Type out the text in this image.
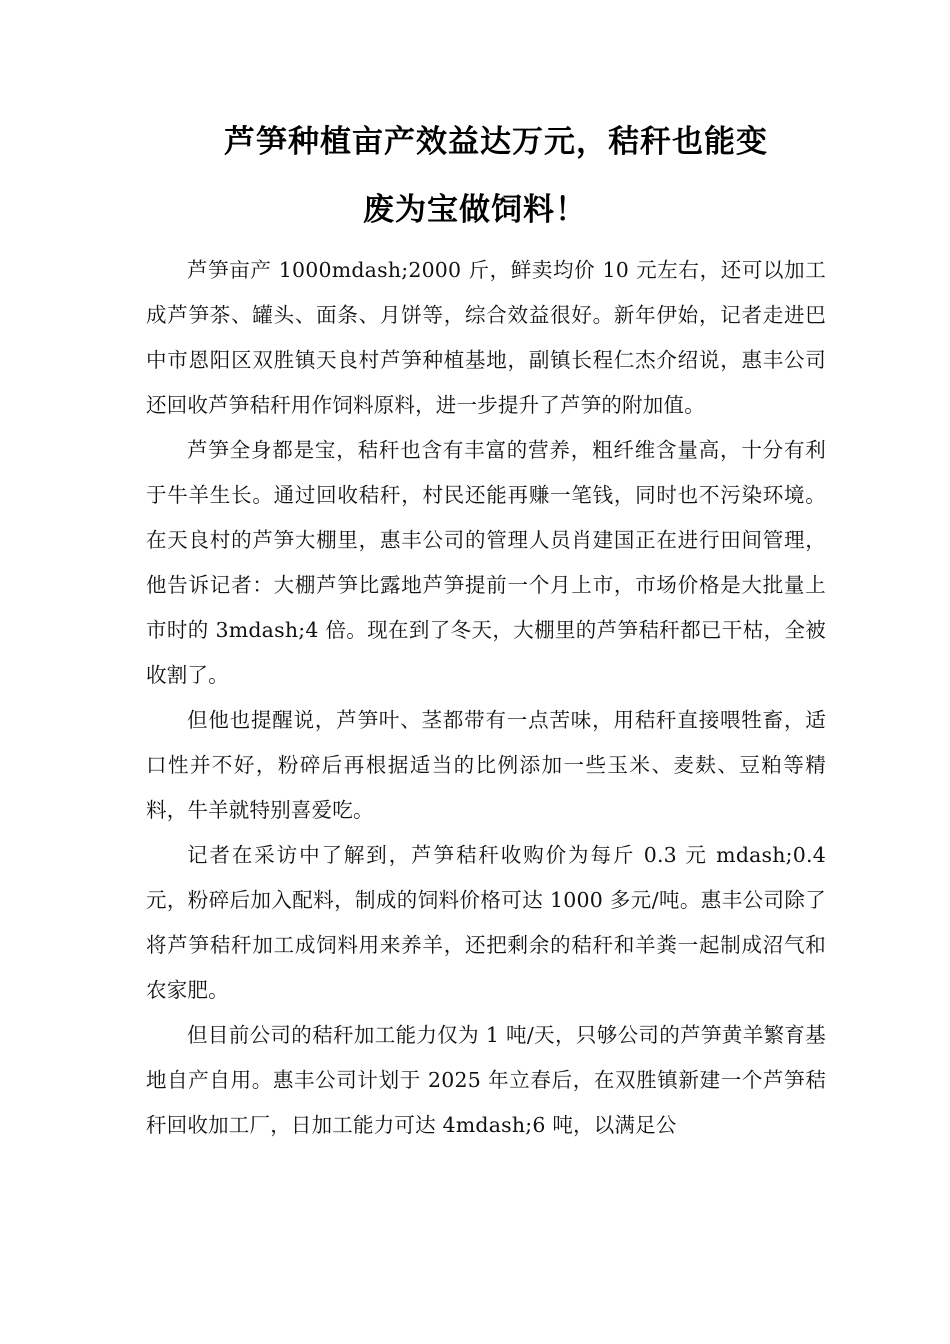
芦笋种植亩产效益达万元，秸秆也能变
废为宝做饲料！

芦笋亩产 1000mdash;2000 斤，鲜卖均价 10 元左右，还可以加工成芦笋茶、罐头、面条、月饼等，综合效益很好。新年伊始，记者走进巴中市恩阳区双胜镇天良村芦笋种植基地，副镇长程仁杰介绍说，惠丰公司还回收芦笋秸秆用作饲料原料，进一步提升了芦笋的附加值。

芦笋全身都是宝，秸秆也含有丰富的营养，粗纤维含量高，十分有利于牛羊生长。通过回收秸秆，村民还能再赚一笔钱，同时也不污染环境。在天良村的芦笋大棚里，惠丰公司的管理人员肖建国正在进行田间管理，他告诉记者：大棚芦笋比露地芦笋提前一个月上市，市场价格是大批量上市时的 3mdash;4 倍。现在到了冬天，大棚里的芦笋秸秆都已干枯，全被收割了。

但他也提醒说，芦笋叶、茎都带有一点苦味，用秸秆直接喂牲畜，适口性并不好，粉碎后再根据适当的比例添加一些玉米、麦麸、豆粕等精料，牛羊就特别喜爱吃。

记者在采访中了解到，芦笋秸秆收购价为每斤 0.3 元 mdash;0.4 元，粉碎后加入配料，制成的饲料价格可达 1000 多元/吨。惠丰公司除了将芦笋秸秆加工成饲料用来养羊，还把剩余的秸秆和羊粪一起制成沼气和农家肥。

但目前公司的秸秆加工能力仅为 1 吨/天，只够公司的芦笋黄羊繁育基地自产自用。惠丰公司计划于 2025 年立春后，在双胜镇新建一个芦笋秸秆回收加工厂，日加工能力可达 4mdash;6 吨，以满足公
